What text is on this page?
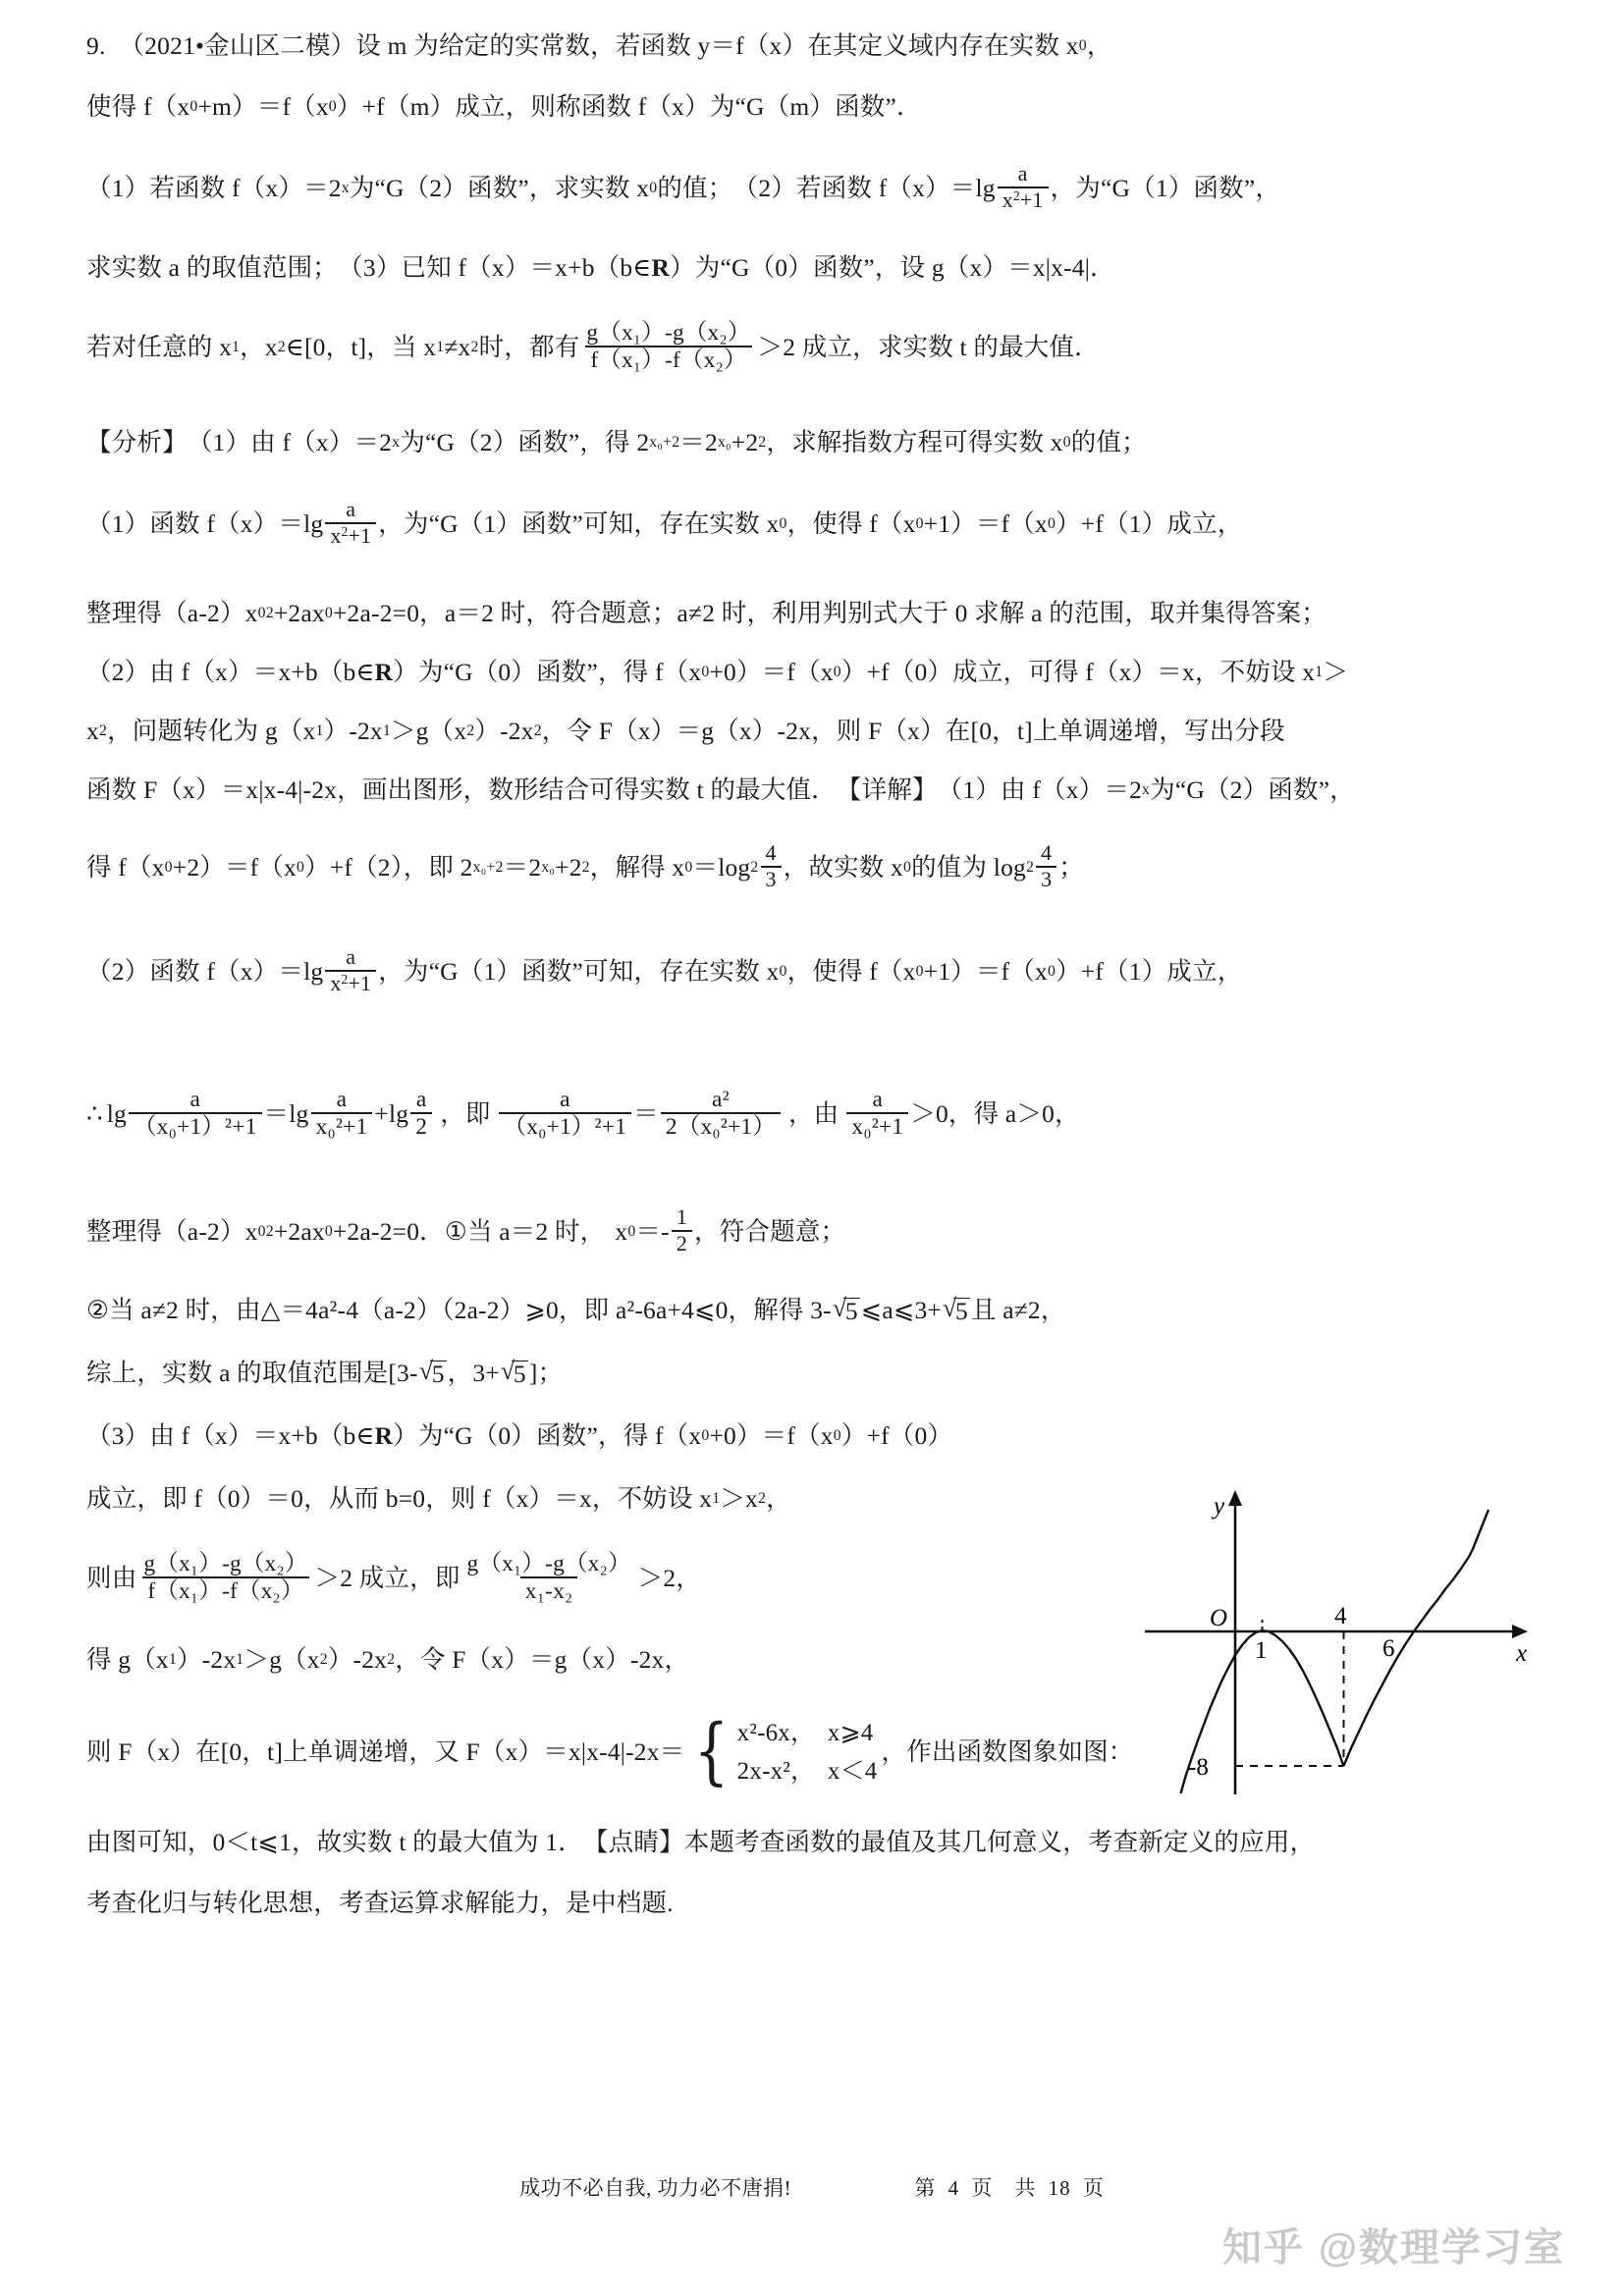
9. （2021•金山区二模） 设 m 为给定的实常数，若函数 y＝f（x）在其定义域内存在实数 x 0 ，
使得 f（x 0 +m）＝f（x 0 ）+f（m）成立，则称函数 f（x）为“G（m）函数”．
（1）若函数 f（x）＝2 x 为“G（2）函数”，求实数 x 0 的值；　（2）若函数 $f(x)=\lg \frac{a}{x^2+1}$ ，为“G（1）函数”，
求实数 a 的取值范围；　（3）已知 f（x）＝x+b（b∈ R ）为“G（0）函数”，设 g（x）＝x|x‐4|．
若对任意的 x 1 ，x 2 ∈[0，t]，当 x 1 ≠x 2 时，都有 $\frac{\text{g（x₁）‐g（x₂）}}{\text{f（x₁）‐f（x₂）}} >2$ 成立，求实数 t 的最大值．
【分析】 （1）由 f（x）＝2 x 为“G（2）函数”，得 2 x₀+2 ＝2 x₀ +2 2 ，求解指数方程可得实数 x 0 的值；
（1）函数 $f(x)=\lg \frac{a}{x^2+1}$ ，为“G（1）函数”可知，存在实数 x 0 ，使得 f（x 0 +1）＝f（x 0 ）+f（1）成立，
整理得（a‐2）x 0 2 +2ax 0 +2a‐2=0，a＝2 时，符合题意；a≠2 时，利用判别式大于 0 求解 a 的范围，取并集得答案；
（2）由 f（x）＝x+b（b∈ R ）为“G（0）函数”，得 f（x 0 +0）＝f（x 0 ）+f（0）成立，可得 f（x）＝x，不妨设 x 1 ＞
x 2 ，问题转化为 g（x 1 ）‐2x 1 ＞g（x 2 ）‐2x 2 ，令 F（x）＝g（x）‐2x，则 F（x）在[0，t]上单调递增，写出分段
函数 F（x）＝x|x‐4|‐2x，画出图形，数形结合可得实数 t 的最大值． 【详解】 （1）由 f（x）＝2 x 为“G（2）函数”，
得 f（x 0 +2）＝f（x 0 ）+f（2），即 2 x₀+2 ＝2 x₀ +2 2 ，解得 x 0 ＝log $2 \frac{4}{3}$ ，故实数 x 0 的值为 $\log 2 \frac{4}{3}$ ；
（2）函数 $f(x)=\lg \frac{a}{x^2+1}$ ，为“G（1）函数”可知，存在实数 x 0 ，使得 f（x 0 +1）＝f（x 0 ）+f（1）成立，
∴ $\lg \frac{a}{\text{（x₀+1）²+1}} = \lg \frac{a}{\text{x₀²+1}} + \lg \frac{a}{2}$ ，即 $\frac{a}{\text{（x₀+1）²+1}} = \frac{\text{a²}}{\text{2（x₀²+1）}}$ ，由 $\frac{a}{\text{x₀²+1}} >0$，得 a＞0，
整理得（a‐2）x 0 2 +2ax 0 +2a‐2=0． ① 当 a＝2 时， x 0 ＝‐ $\frac{1}{2}$ ，符合题意；
② 当 a≠2 时，由△＝4a²‐4（a‐2）（2a‐2）⩾0，即 a²‐6a+4⩽0，解得 3‐ √ 5 ⩽a⩽3+ √ 5 且 a≠2，
综上，实数 a 的取值范围是[3‐ √ 5 ，3+ √ 5 ]；
（3）由 f（x）＝x+b（b∈ R ）为“G（0）函数”，得 f（x 0 +0）＝f（x 0 ）+f（0）
成立，即 f（0）＝0，从而 b=0，则 f（x）＝x，不妨设 x 1 ＞x 2 ，
则由 $\frac{\text{g（x₁）‐g（x₂）}}{\text{f（x₁）‐f（x₂）}} >2$ 成立，即 $\frac{\text{g（x₁）‐g（x₂）}}{\text{x₁‐x₂}} >2$，
得 g（x 1 ）‐2x 1 ＞g（x 2 ）‐2x 2 ，令 F（x）＝g（x）‐2x，
则 F（x）在[0，t]上单调递增，又 F（x）＝x|x‐4|‐2x＝ { x²‐6x，　x⩾4
2x‐x²，　x＜4
，作出函数图象如图：
由图可知，0＜t⩽1，故实数 t 的最大值为 1． 【点睛】 本题考查函数的最值及其几何意义，考查新定义的应用，
考查化归与转化思想，考查运算求解能力，是中档题.
O
y
x
1
4
6
-8
成功不必自我, 功力必不唐捐!	第 4 页　共 18 页
知乎 @数理学习室
